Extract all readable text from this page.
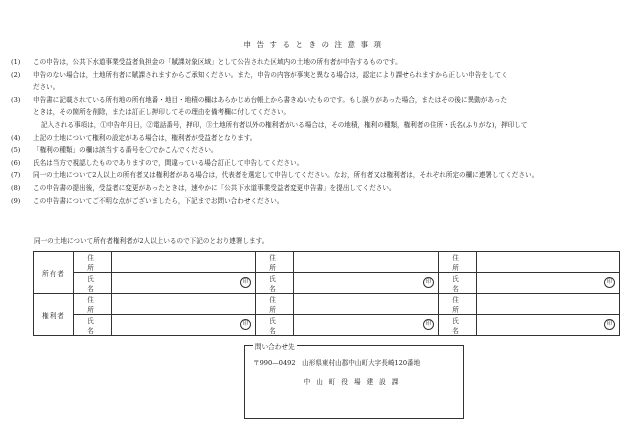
申告するときの注意事項
(1) この申告は，公共下水道事業受益者負担金の「賦課対象区域」として公告された区域内の土地の所有者が申告するものです。
(2) 申告のない場合は，土地所有者に賦課されますからご承知ください。また，申告の内容が事実と異なる場合は，認定により課せられますから正しい申告をしてく
ださい。
(3) 申告書に記載されている所有地の所有地番・地目・地積の欄はあらかじめ台帳上から書きぬいたものです。もし誤りがあった場合，またはその後に異動があった
ときは，その箇所を削除，または訂正し押印してその理由を備考欄に付してください。
記入される事項は，①申告年月日，②電話番号，押印，③土地所有者以外の権利者がいる場合は，その地積，権利の種類，権利者の住所・氏名(ふりがな)，押印して
(4) 上記の土地について権利の設定がある場合は，権利者が受益者となります。
(5) 「権利の種類」の欄は該当する番号を〇でかこんでください。
(6) 氏名は当方で視認したものでありますので，間違っている場合訂正して申告してください。
(7) 同一の土地について2人以上の所有者又は権利者がある場合は，代表者を選定して申告してください。なお，所有者又は権利者は，それぞれ所定の欄に連署してください。
(8) この申告書の提出後，受益者に変更があったときは，速やかに「公共下水道事業受益者変更申告書」を提出してください。
(9) この申告書についてご不明な点がございましたら，下記までお問い合わせください。
同一の土地について所有者権利者が2人以上いるので下記のとおり連署します。
所有者	住　所		住　所		住　所	
	氏　名	印	氏　名	印	氏　名	印

権利者	住　所		住　所		住　所	
	氏　名	印	氏　名	印	氏　名	印
問い合わせ先
〒990—0492　山形県東村山郡中山町大字長崎120番地
中山町役場建設課
